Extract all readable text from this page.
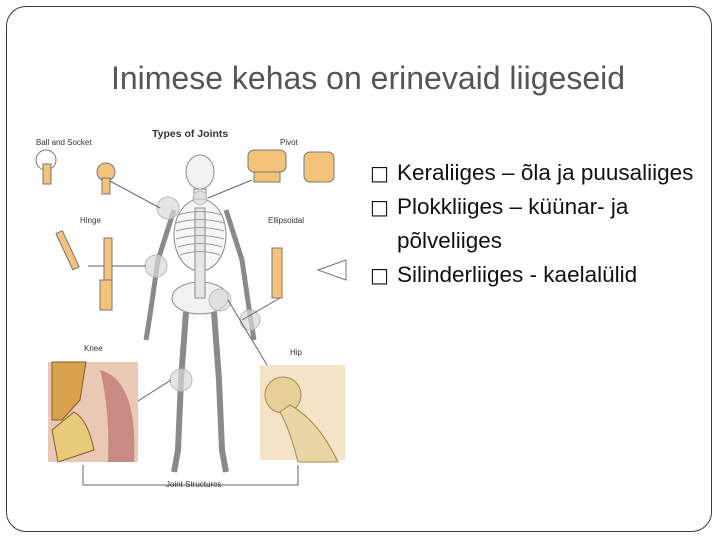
Inimese kehas on erinevaid liigeseid
Types of Joints
Ball and Socket	Pivot
Hinge	Ellipsoidal
Knee	Hip
Joint Structures
□ Keraliiges – õla ja puusaliiges
□ Plokkliiges – küünar- ja põlveliiges
□ Silinderliiges - kaelalülid
